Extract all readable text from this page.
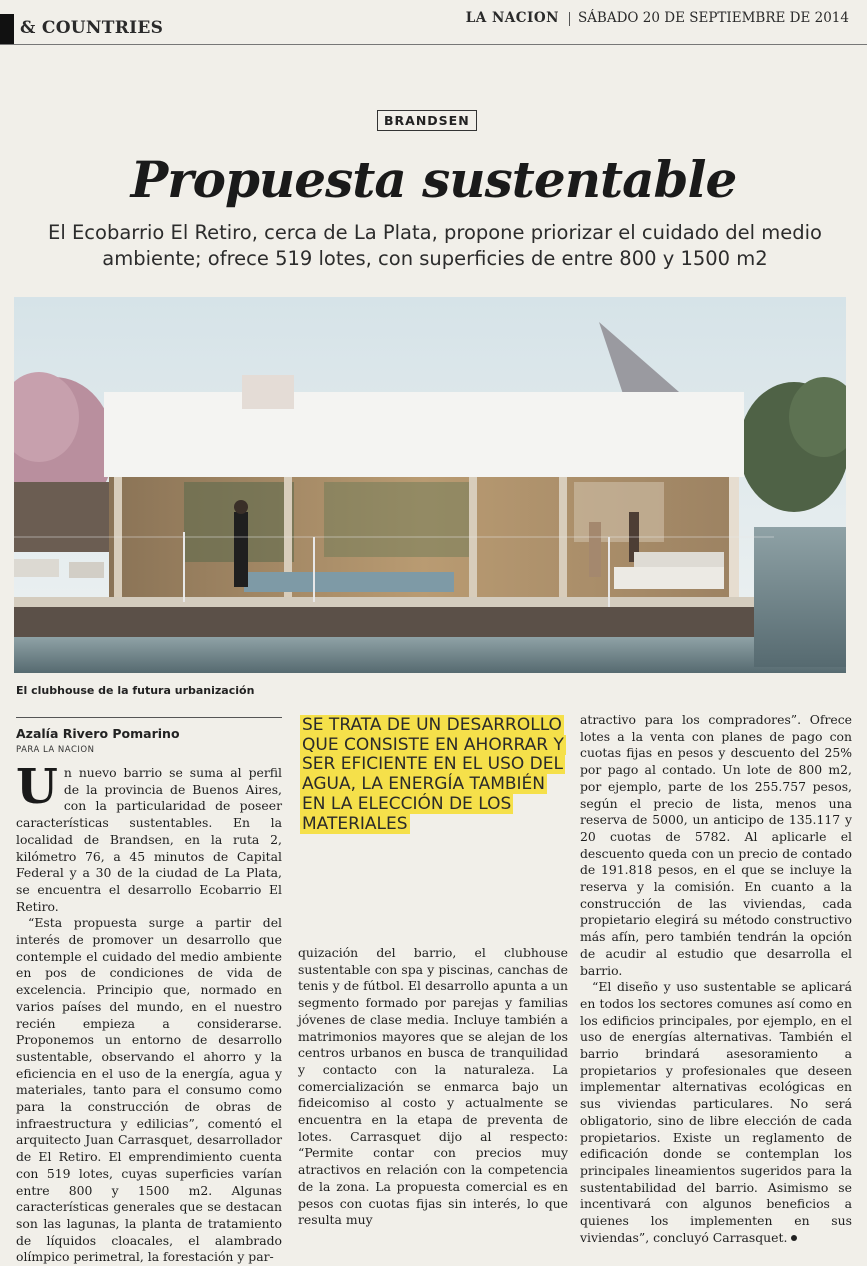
& COUNTRIES	LA NACION SÁBADO 20 DE SEPTIEMBRE DE 2014
BRANDSEN
Propuesta sustentable
El Ecobarrio El Retiro, cerca de La Plata, propone priorizar el cuidado del medio ambiente; ofrece 519 lotes, con superficies de entre 800 y 1500 m2
El clubhouse de la futura urbanización
Azalía Rivero Pomarino
PARA LA NACION

Un nuevo barrio se suma al perfil de la provincia de Buenos Aires, con la particularidad de poseer características sustentables. En la localidad de Brandsen, en la ruta 2, kilómetro 76, a 45 minutos de Capital Federal y a 30 de la ciudad de La Plata, se encuentra el desarrollo Ecobarrio El Retiro.

“Esta propuesta surge a partir del interés de promover un desarrollo que contemple el cuidado del medio ambiente en pos de condiciones de vida de excelencia. Principio que, normado en varios países del mundo, en el nuestro recién empieza a considerarse. Proponemos un entorno de desarrollo sustentable, observando el ahorro y la eficiencia en el uso de la energía, agua y materiales, tanto para el consumo como para la construcción de obras de infraestructura y edilicias”, comentó el arquitecto Juan Carrasquet, desarrollador de El Retiro. El emprendimiento cuenta con 519 lotes, cuyas superficies varían entre 800 y 1500 m2. Algunas características generales que se destacan son las lagunas, la planta de tratamiento de líquidos cloacales, el alambrado olímpico perimetral, la forestación y par-

SE TRATA DE UN DESARROLLO QUE CONSISTE EN AHORRAR Y SER EFICIENTE EN EL USO DEL AGUA, LA ENERGÍA TAMBIÉN EN LA ELECCIÓN DE LOS MATERIALES

quización del barrio, el clubhouse sustentable con spa y piscinas, canchas de tenis y de fútbol. El desarrollo apunta a un segmento formado por parejas y familias jóvenes de clase media. Incluye también a matrimonios mayores que se alejan de los centros urbanos en busca de tranquilidad y contacto con la naturaleza. La comercialización se enmarca bajo un fideicomiso al costo y actualmente se encuentra en la etapa de preventa de lotes. Carrasquet dijo al respecto: “Permite contar con precios muy atractivos en relación con la competencia de la zona. La propuesta comercial es en pesos con cuotas fijas sin interés, lo que resulta muy

atractivo para los compradores”. Ofrece lotes a la venta con planes de pago con cuotas fijas en pesos y descuento del 25% por pago al contado. Un lote de 800 m2, por ejemplo, parte de los 255.757 pesos, según el precio de lista, menos una reserva de 5000, un anticipo de 135.117 y 20 cuotas de 5782. Al aplicarle el descuento queda con un precio de contado de 191.818 pesos, en el que se incluye la reserva y la comisión. En cuanto a la construcción de las viviendas, cada propietario elegirá su método constructivo más afín, pero también tendrán la opción de acudir al estudio que desarrolla el barrio.

“El diseño y uso sustentable se aplicará en todos los sectores comunes así como en los edificios principales, por ejemplo, en el uso de energías alternativas. También el barrio brindará asesoramiento a propietarios y profesionales que deseen implementar alternativas ecológicas en sus viviendas particulares. No será obligatorio, sino de libre elección de cada propietarios. Existe un reglamento de edificación donde se contemplan los principales lineamientos sugeridos para la sustentabilidad del barrio. Asimismo se incentivará con algunos beneficios a quienes los implementen en sus viviendas”, concluyó Carrasquet.
